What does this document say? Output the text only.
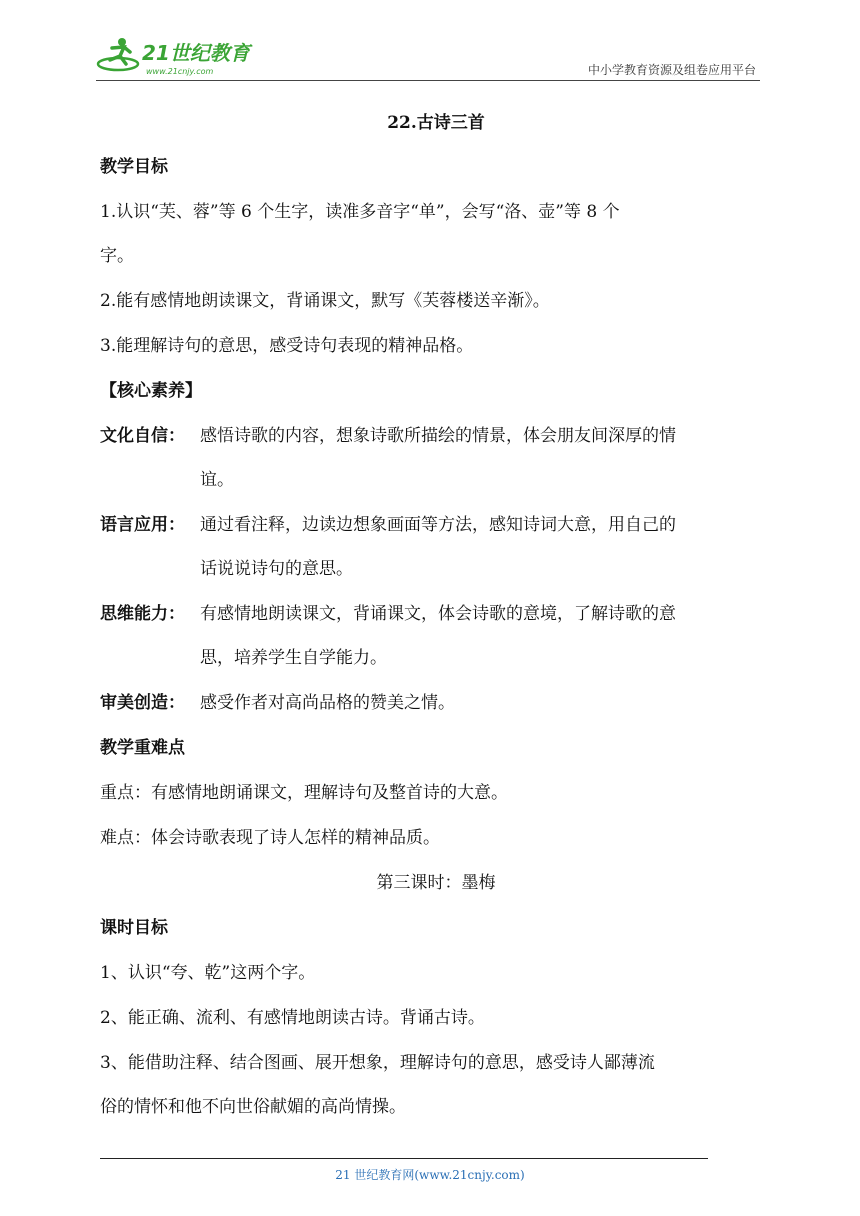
21世纪教育
www.21cnjy.com	中小学教育资源及组卷应用平台
22.古诗三首
教学目标
1.认识“芙、蓉”等 6 个生字，读准多音字“单”，会写“洛、壶”等 8 个
字。
2.能有感情地朗读课文，背诵课文，默写《芙蓉楼送辛渐》。
3.能理解诗句的意思，感受诗句表现的精神品格。
【核心素养】
文化自信： 感悟诗歌的内容，想象诗歌所描绘的情景，体会朋友间深厚的情
谊。
语言应用： 通过看注释，边读边想象画面等方法，感知诗词大意，用自己的
话说说诗句的意思。
思维能力： 有感情地朗读课文，背诵课文，体会诗歌的意境，了解诗歌的意
思，培养学生自学能力。
审美创造： 感受作者对高尚品格的赞美之情。
教学重难点
重点：有感情地朗诵课文，理解诗句及整首诗的大意。
难点：体会诗歌表现了诗人怎样的精神品质。
第三课时：墨梅
课时目标
1、认识“夸、乾”这两个字。
2、能正确、流利、有感情地朗读古诗。背诵古诗。
3、能借助注释、结合图画、展开想象，理解诗句的意思，感受诗人鄙薄流
俗的情怀和他不向世俗献媚的高尚情操。
21 世纪教育网(www.21cnjy.com)
